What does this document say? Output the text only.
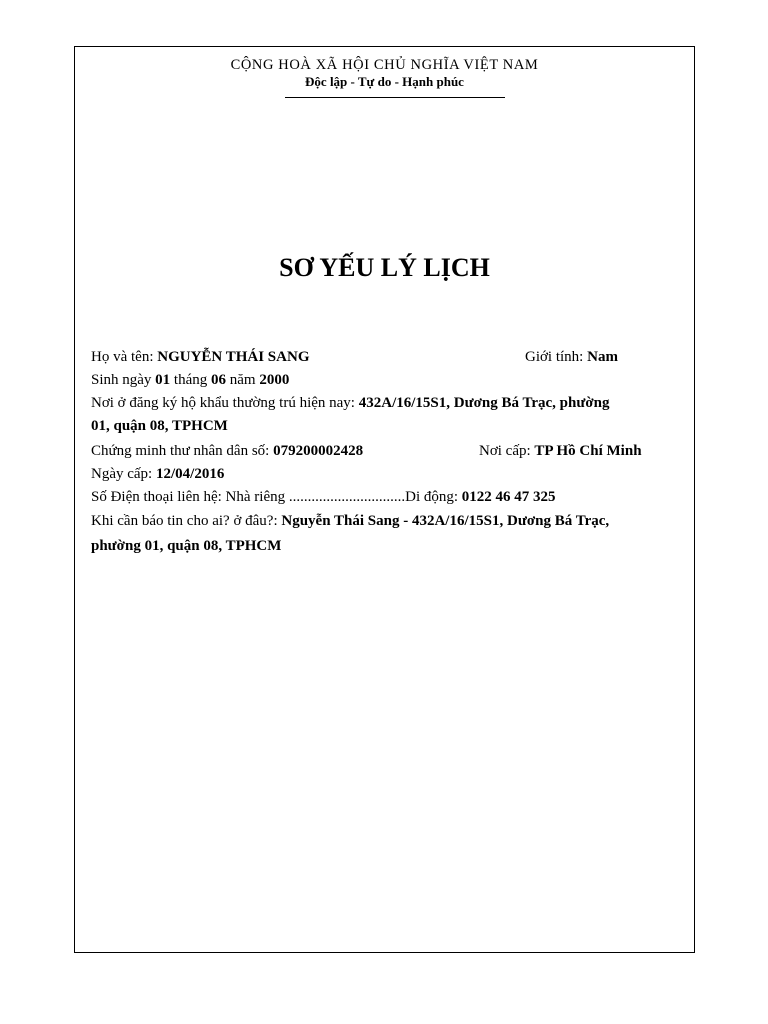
CỘNG HOÀ XÃ HỘI CHỦ NGHĨA VIỆT NAM
Độc lập - Tự do - Hạnh phúc
SƠ YẾU LÝ LỊCH
Họ và tên: NGUYỄN THÁI SANG	Giới tính: Nam
Sinh ngày 01 tháng 06 năm 2000
Nơi ở đăng ký hộ khẩu thường trú hiện nay: 432A/16/15S1, Dương Bá Trạc, phường
01, quận 08, TPHCM
Chứng minh thư nhân dân số: 079200002428	Nơi cấp: TP Hồ Chí Minh
Ngày cấp: 12/04/2016
Số Điện thoại liên hệ: Nhà riêng ...............................Di động: 0122 46 47 325
Khi cần báo tin cho ai? ở đâu?: Nguyễn Thái Sang - 432A/16/15S1, Dương Bá Trạc,
phường 01, quận 08, TPHCM
